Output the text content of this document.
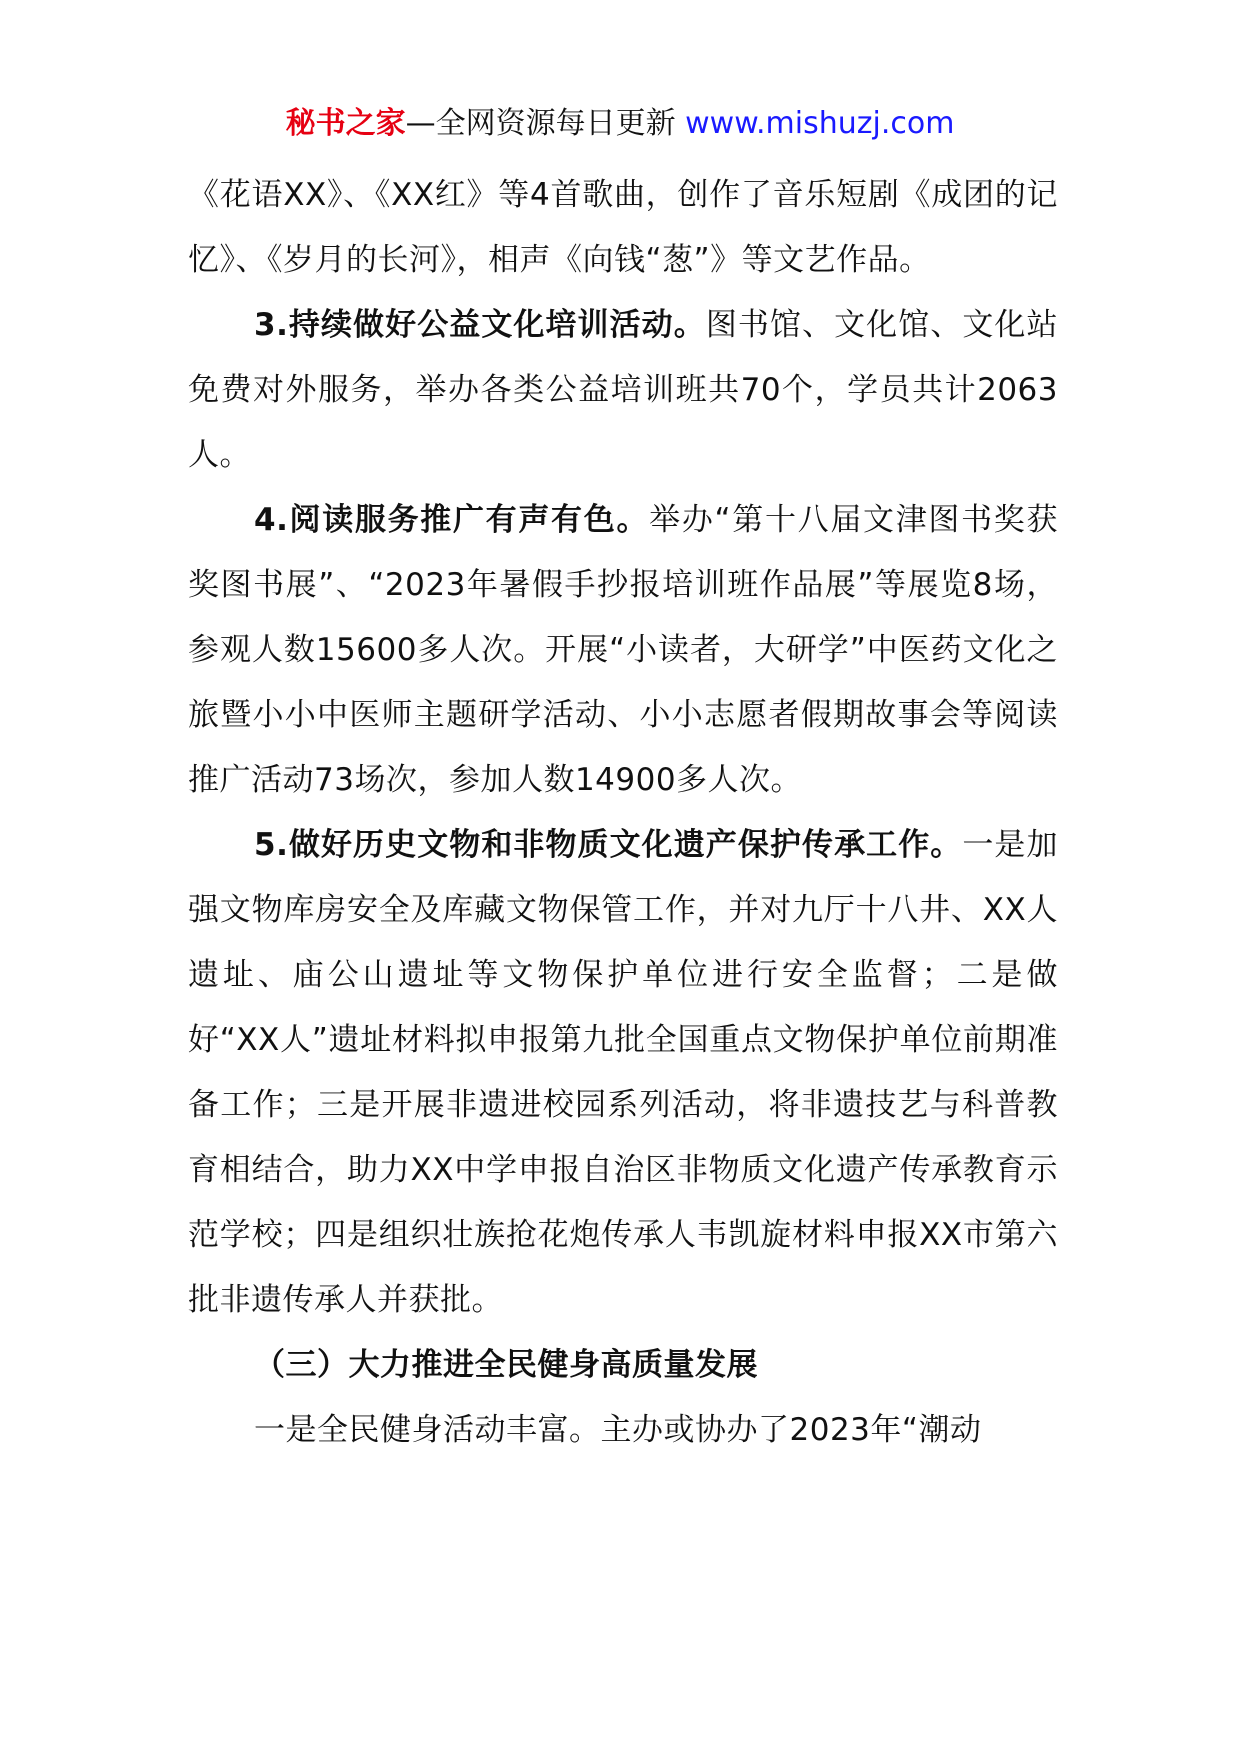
秘书之家—全网资源每日更新 www.mishuzj.com

《花语XX》、《XX红》等4首歌曲，创作了音乐短剧《成团的记忆》、《岁月的长河》，相声《向钱“葱”》等文艺作品。

3.持续做好公益文化培训活动。图书馆、文化馆、文化站免费对外服务，举办各类公益培训班共70个，学员共计2063人。

4.阅读服务推广有声有色。举办“第十八届文津图书奖获奖图书展”、“2023年暑假手抄报培训班作品展”等展览8场，参观人数15600多人次。开展“小读者，大研学”中医药文化之旅暨小小中医师主题研学活动、小小志愿者假期故事会等阅读推广活动73场次，参加人数14900多人次。

5.做好历史文物和非物质文化遗产保护传承工作。一是加强文物库房安全及库藏文物保管工作，并对九厅十八井、XX人遗址、庙公山遗址等文物保护单位进行安全监督；二是做好“XX人”遗址材料拟申报第九批全国重点文物保护单位前期准备工作；三是开展非遗进校园系列活动，将非遗技艺与科普教育相结合，助力XX中学申报自治区非物质文化遗产传承教育示范学校；四是组织壮族抢花炮传承人韦凯旋材料申报XX市第六批非遗传承人并获批。

（三）大力推进全民健身高质量发展

一是全民健身活动丰富。主办或协办了2023年“潮动
